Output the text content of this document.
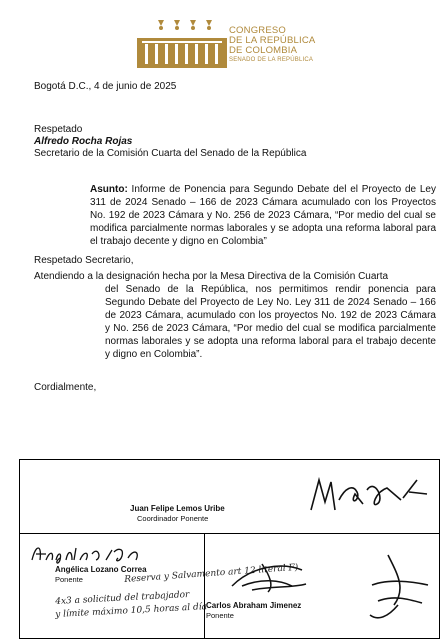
CONGRESO
DE LA REPÚBLICA
DE COLOMBIA
SENADO DE LA REPÚBLICA
Bogotá D.C., 4 de junio de 2025
Respetado
Alfredo Rocha Rojas
Secretario de la Comisión Cuarta del Senado de la República
Asunto: Informe de Ponencia para Segundo Debate del el Proyecto de Ley 311 de 2024 Senado – 166 de 2023 Cámara acumulado con los Proyectos No. 192 de 2023 Cámara y No. 256 de 2023 Cámara, “Por medio del cual se modifica parcialmente normas laborales y se adopta una reforma laboral para el trabajo decente y digno en Colombia”
Respetado Secretario,
Atendiendo a la designación hecha por la Mesa Directiva de la Comisión Cuarta
del Senado de la República, nos permitimos rendir ponencia para Segundo Debate del Proyecto de Ley No. Ley 311 de 2024 Senado – 166 de 2023 Cámara, acumulado con los proyectos No. 192 de 2023 Cámara y No. 256 de 2023 Cámara, “Por medio del cual se modifica parcialmente normas laborales y se adopta una reforma laboral para el trabajo decente y digno en Colombia”.
Cordialmente,
Juan Felipe Lemos Uribe
Coordinador Ponente
Angélica Lozano Correa
Ponente	Reserva y Salvamento art 12 literal F)
4x3 a solicitud del trabajador
y límite máximo 10,5 horas al día
Carlos Abraham Jimenez
Ponente
